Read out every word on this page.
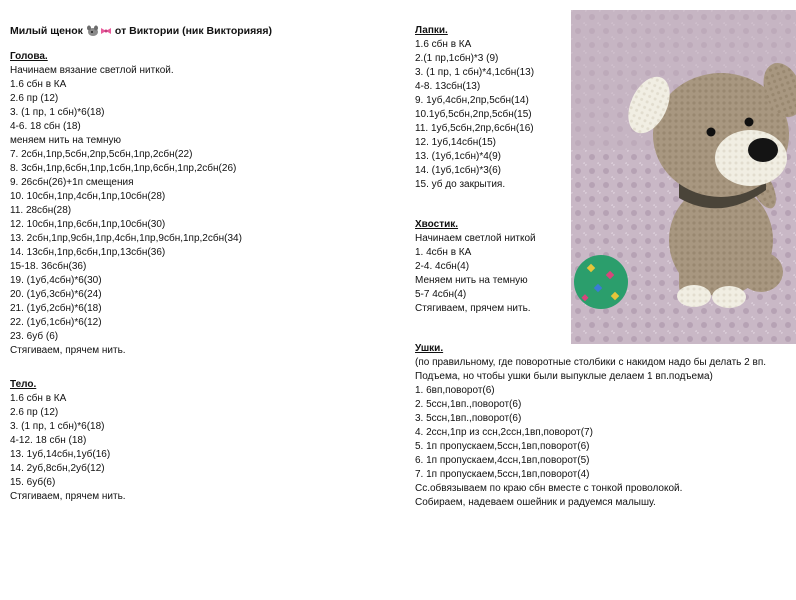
Милый щенок	от Виктории (ник Викторияяя)
Голова.
Начинаем вязание светлой ниткой.
1.6 сбн в КА
2.6 пр (12)
3. (1 пр, 1 сбн)*6(18)
4-6. 18 сбн (18)
меняем нить на темную
7. 2сбн,1пр,5сбн,2пр,5сбн,1пр,2сбн(22)
8. 3сбн,1пр,6сбн,1пр,1сбн,1пр,6сбн,1пр,2сбн(26)
9. 26сбн(26)+1п смещения
10. 10сбн,1пр,4сбн,1пр,10сбн(28)
11. 28сбн(28)
12. 10сбн,1пр,6сбн,1пр,10сбн(30)
13. 2сбн,1пр,9сбн,1пр,4сбн,1пр,9сбн,1пр,2сбн(34)
14. 13сбн,1пр,6сбн,1пр,13сбн(36)
15-18. 36сбн(36)
19. (1уб,4сбн)*6(30)
20. (1уб,3сбн)*6(24)
21. (1уб,2сбн)*6(18)
22. (1уб,1сбн)*6(12)
23. 6уб (6)
Стягиваем, прячем нить.
Тело.
1.6 сбн в КА
2.6 пр (12)
3. (1 пр, 1 сбн)*6(18)
4-12. 18 сбн (18)
13. 1уб,14сбн,1уб(16)
14. 2уб,8сбн,2уб(12)
15. 6уб(6)
Стягиваем, прячем нить.
Лапки.
1.6 сбн в КА
2.(1 пр,1сбн)*3 (9)
3. (1 пр, 1 сбн)*4,1сбн(13)
4-8. 13сбн(13)
9. 1уб,4сбн,2пр,5сбн(14)
10.1уб,5сбн,2пр,5сбн(15)
11. 1уб,5сбн,2пр,6сбн(16)
12. 1уб,14сбн(15)
13. (1уб,1сбн)*4(9)
14. (1уб,1сбн)*3(6)
15. уб до закрытия.
Хвостик.
Начинаем светлой ниткой
1. 4сбн в КА
2-4. 4сбн(4)
Меняем нить на темную
5-7 4сбн(4)
Стягиваем, прячем нить.
Ушки.
(по правильному, где поворотные столбики с накидом надо бы делать 2 вп. Подъема, но чтобы ушки были выпуклые делаем 1 вп.подъема)
1. 6вп,поворот(6)
2. 5ссн,1вп.,поворот(6)
3. 5ссн,1вп.,поворот(6)
4. 2ссн,1пр из ссн,2ссн,1вп,поворот(7)
5. 1п пропускаем,5ссн,1вп,поворот(6)
6. 1п пропускаем,4ссн,1вп,поворот(5)
7. 1п пропускаем,5ссн,1вп,поворот(4)
Сс.обвязываем по краю сбн вместе с тонкой проволокой.
Собираем, надеваем ошейник и радуемся малышу.
